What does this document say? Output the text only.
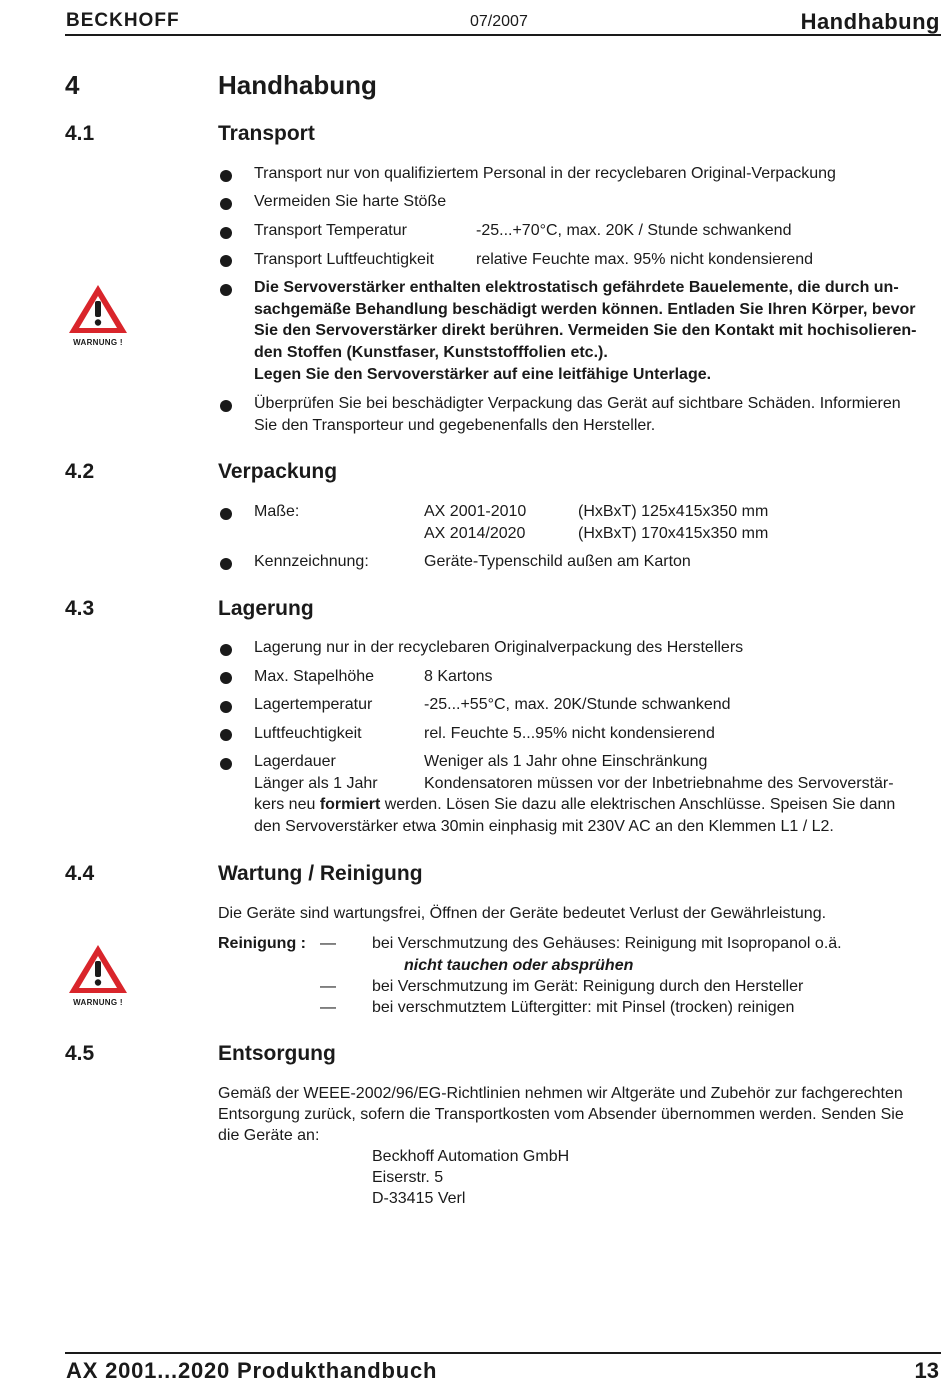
BECKHOFF	07/2007	Handhabung
4	Handhabung
4.1	Transport
Transport nur von qualifiziertem Personal in der recyclebaren Original-Verpackung
Vermeiden Sie harte Stöße
Transport Temperatur	-25...+70°C, max. 20K / Stunde schwankend
Transport Luftfeuchtigkeit	relative Feuchte max. 95% nicht kondensierend
WARNUNG !
Die Servoverstärker enthalten elektrostatisch gefährdete Bauelemente, die durch un-
sachgemäße Behandlung beschädigt werden können. Entladen Sie Ihren Körper, bevor
Sie den Servoverstärker direkt berühren. Vermeiden Sie den Kontakt mit hochisolieren-
den Stoffen (Kunstfaser, Kunststofffolien etc.).
Legen Sie den Servoverstärker auf eine leitfähige Unterlage.
Überprüfen Sie bei beschädigter Verpackung das Gerät auf sichtbare Schäden. Informieren
Sie den Transporteur und gegebenenfalls den Hersteller.
4.2	Verpackung
Maße:	AX 2001-2010	(HxBxT) 125x415x350 mm
AX 2014/2020	(HxBxT) 170x415x350 mm
Kennzeichnung:	Geräte-Typenschild außen am Karton
4.3	Lagerung
Lagerung nur in der recyclebaren Originalverpackung des Herstellers
Max. Stapelhöhe	8 Kartons
Lagertemperatur	-25...+55°C, max. 20K/Stunde schwankend
Luftfeuchtigkeit	rel. Feuchte 5...95% nicht kondensierend
Lagerdauer	Weniger als 1 Jahr ohne Einschränkung
Länger als 1 Jahr	Kondensatoren müssen vor der Inbetriebnahme des Servoverstär-
kers neu formiert werden. Lösen Sie dazu alle elektrischen Anschlüsse. Speisen Sie dann
den Servoverstärker etwa 30min einphasig mit 230V AC an den Klemmen L1 / L2.
4.4	Wartung / Reinigung
Die Geräte sind wartungsfrei, Öffnen der Geräte bedeutet Verlust der Gewährleistung.
WARNUNG !
Reinigung : — bei Verschmutzung des Gehäuses: Reinigung mit Isopropanol o.ä.
nicht tauchen oder absprühen
— bei Verschmutzung im Gerät: Reinigung durch den Hersteller
— bei verschmutztem Lüftergitter: mit Pinsel (trocken) reinigen
4.5	Entsorgung
Gemäß der WEEE-2002/96/EG-Richtlinien nehmen wir Altgeräte und Zubehör zur fachgerechten
Entsorgung zurück, sofern die Transportkosten vom Absender übernommen werden. Senden Sie
die Geräte an:
Beckhoff Automation GmbH
Eiserstr. 5
D-33415 Verl
AX 2001...2020 Produkthandbuch	13
